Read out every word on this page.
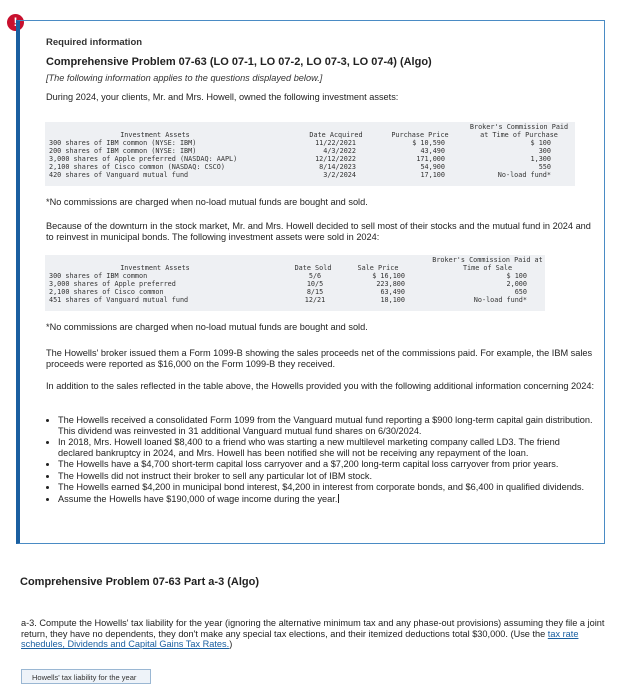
!

Required information

Comprehensive Problem 07-63 (LO 07-1, LO 07-2, LO 07-3, LO 07-4) (Algo)

[The following information applies to the questions displayed below.]

During 2024, your clients, Mr. and Mrs. Howell, owned the following investment assets:

Investment Assets	Date Acquired	Purchase Price
Broker's Commission Paid
at Time of Purchase
300 shares of IBM common (NYSE: IBM)	11/22/2021	$ 10,590	$ 100
200 shares of IBM common (NYSE: IBM)	4/3/2022	43,490	300
3,000 shares of Apple preferred (NASDAQ: AAPL)	12/12/2022	171,000	1,300
2,100 shares of Cisco common (NASDAQ: CSCO)	8/14/2023	54,900	550
420 shares of Vanguard mutual fund	3/2/2024	17,100	No-load fund*

*No commissions are charged when no-load mutual funds are bought and sold.

Because of the downturn in the stock market, Mr. and Mrs. Howell decided to sell most of their stocks and the mutual fund in 2024 and to reinvest in municipal bonds. The following investment assets were sold in 2024:

Investment Assets	Date Sold	Sale Price
Broker's Commission Paid at
Time of Sale
300 shares of IBM common	5/6	$ 16,100	$ 100
3,000 shares of Apple preferred	10/5	223,800	2,000
2,100 shares of Cisco common	8/15	63,490	650
451 shares of Vanguard mutual fund	12/21	18,100	No-load fund*

*No commissions are charged when no-load mutual funds are bought and sold.

The Howells' broker issued them a Form 1099-B showing the sales proceeds net of the commissions paid. For example, the IBM sales proceeds were reported as $16,000 on the Form 1099-B they received.

In addition to the sales reflected in the table above, the Howells provided you with the following additional information concerning 2024:

• The Howells received a consolidated Form 1099 from the Vanguard mutual fund reporting a $900 long-term capital gain distribution. This dividend was reinvested in 31 additional Vanguard mutual fund shares on 6/30/2024.
• In 2018, Mrs. Howell loaned $8,400 to a friend who was starting a new multilevel marketing company called LD3. The friend declared bankruptcy in 2024, and Mrs. Howell has been notified she will not be receiving any repayment of the loan.
• The Howells have a $4,700 short-term capital loss carryover and a $7,200 long-term capital loss carryover from prior years.
• The Howells did not instruct their broker to sell any particular lot of IBM stock.
• The Howells earned $4,200 in municipal bond interest, $4,200 in interest from corporate bonds, and $6,400 in qualified dividends.
• Assume the Howells have $190,000 of wage income during the year.

Comprehensive Problem 07-63 Part a-3 (Algo)

a-3. Compute the Howells' tax liability for the year (ignoring the alternative minimum tax and any phase-out provisions) assuming they file a joint return, they have no dependents, they don't make any special tax elections, and their itemized deductions total $30,000. (Use the tax rate schedules, Dividends and Capital Gains Tax Rates.)

Howells' tax liability for the year
